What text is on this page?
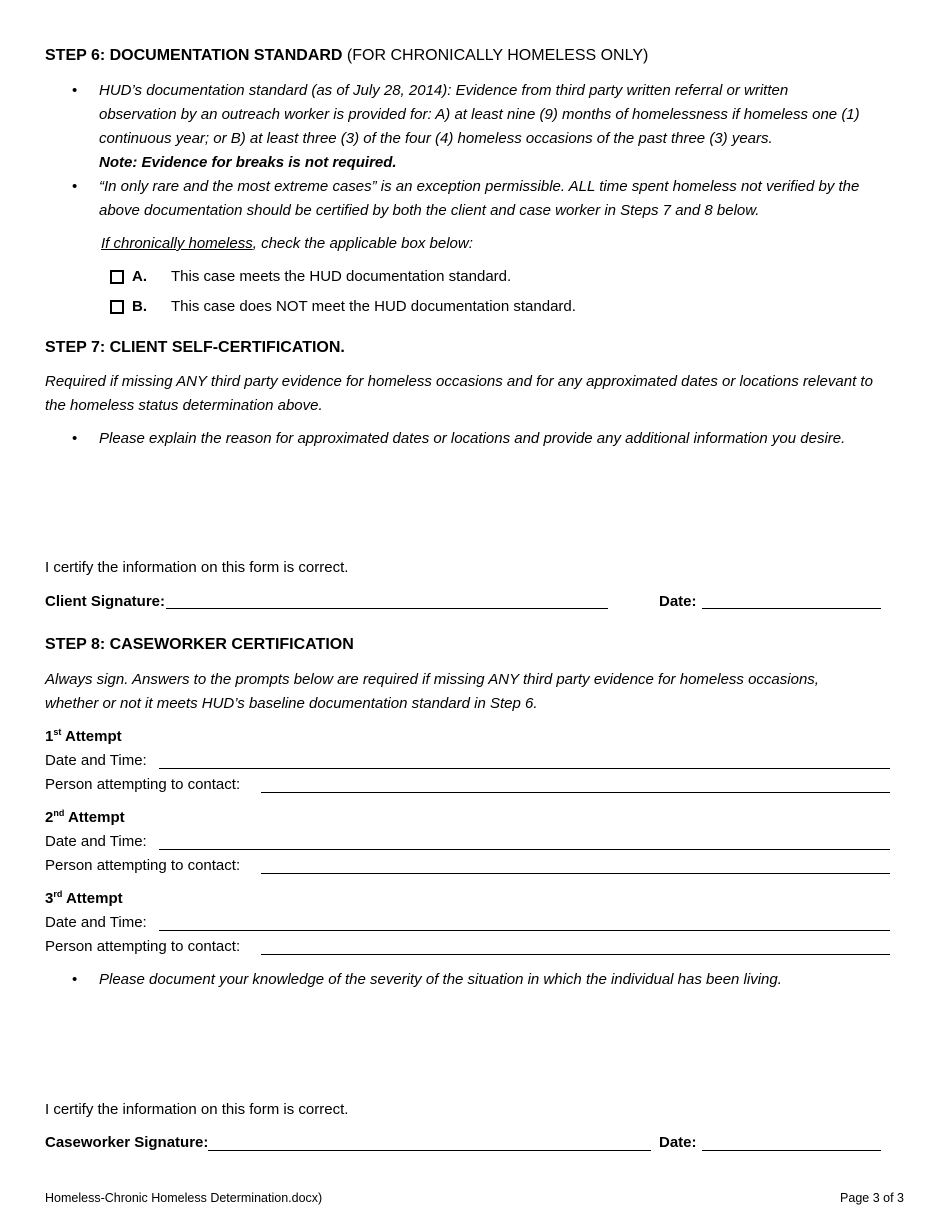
STEP 6: DOCUMENTATION STANDARD (FOR CHRONICALLY HOMELESS ONLY)
• HUD’s documentation standard (as of July 28, 2014): Evidence from third party written referral or written
observation by an outreach worker is provided for: A) at least nine (9) months of homelessness if homeless one (1)
continuous year; or B) at least three (3) of the four (4) homeless occasions of the past three (3) years.
Note: Evidence for breaks is not required.
• “In only rare and the most extreme cases” is an exception permissible. ALL time spent homeless not verified by the
above documentation should be certified by both the client and case worker in Steps 7 and 8 below.
If chronically homeless, check the applicable box below:
A. This case meets the HUD documentation standard.
B. This case does NOT meet the HUD documentation standard.
STEP 7: CLIENT SELF-CERTIFICATION.
Required if missing ANY third party evidence for homeless occasions and for any approximated dates or locations relevant to
the homeless status determination above.
• Please explain the reason for approximated dates or locations and provide any additional information you desire.
I certify the information on this form is correct.
Client Signature:	Date:
STEP 8: CASEWORKER CERTIFICATION
Always sign. Answers to the prompts below are required if missing ANY third party evidence for homeless occasions,
whether or not it meets HUD’s baseline documentation standard in Step 6.
1st Attempt
Date and Time:
Person attempting to contact:
2nd Attempt
Date and Time:
Person attempting to contact:
3rd Attempt
Date and Time:
Person attempting to contact:
• Please document your knowledge of the severity of the situation in which the individual has been living.
I certify the information on this form is correct.
Caseworker Signature:	Date:
Homeless-Chronic Homeless Determination.docx)	Page 3 of 3
